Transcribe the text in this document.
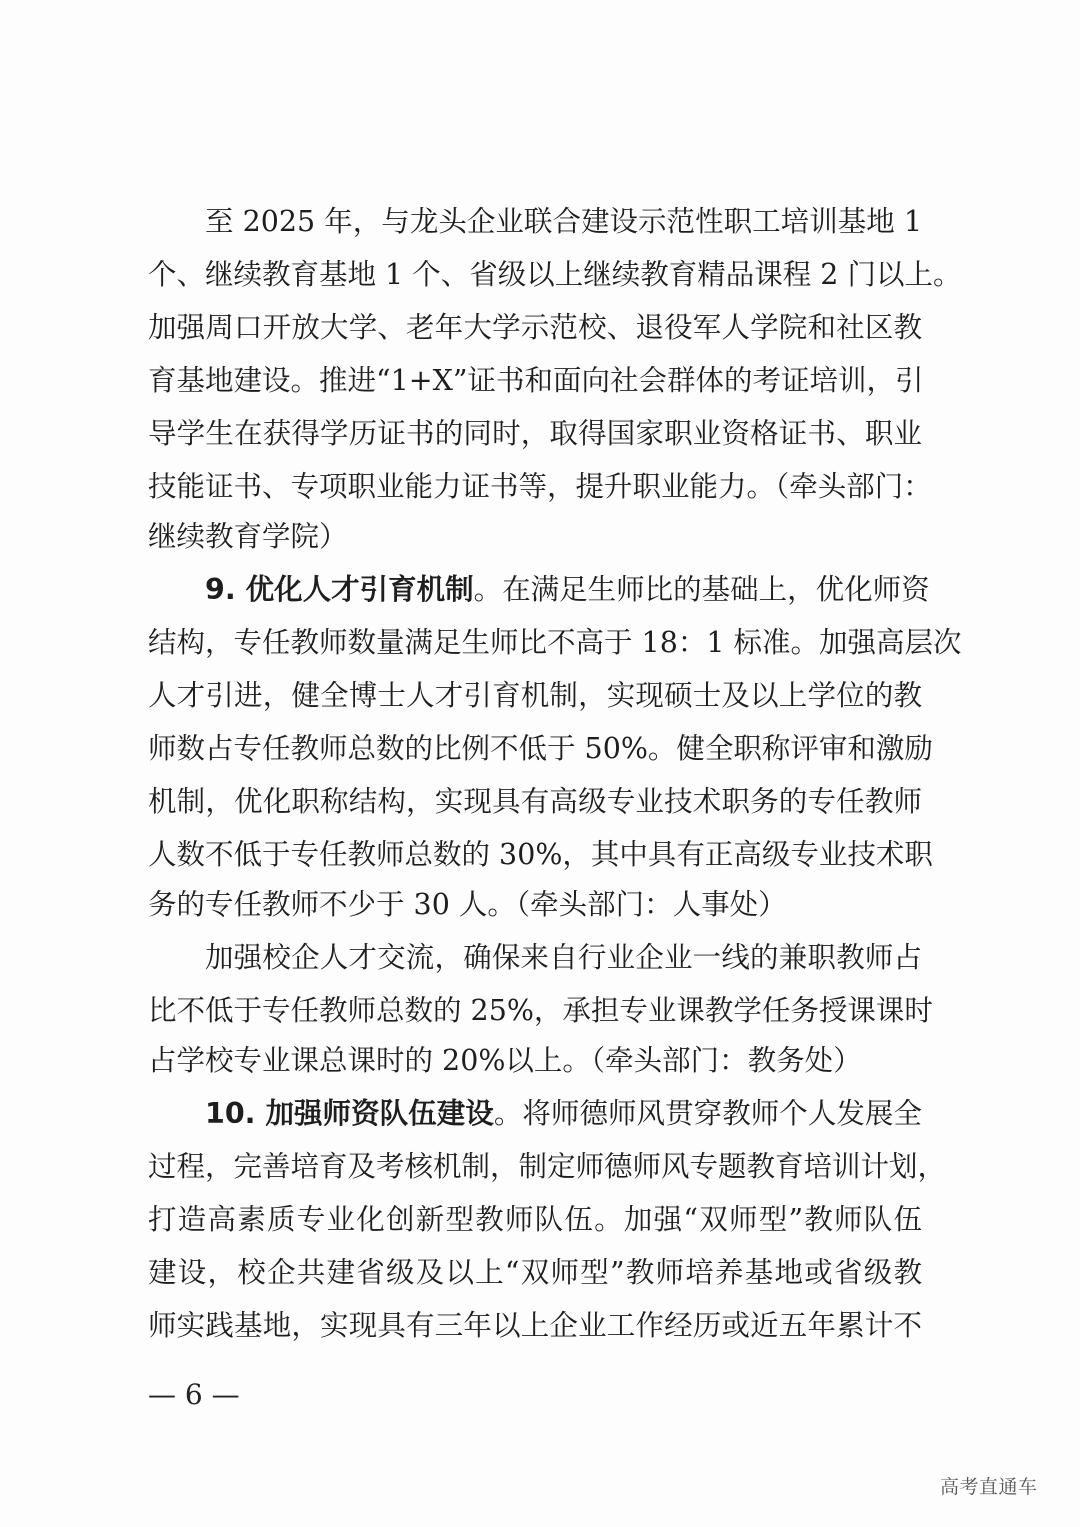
至 2025 年，与龙头企业联合建设示范性职工培训基地 1
个、继续教育基地 1 个、省级以上继续教育精品课程 2 门以上。
加强周口开放大学、老年大学示范校、退役军人学院和社区教
育基地建设。推进“1+X”证书和面向社会群体的考证培训，引
导学生在获得学历证书的同时，取得国家职业资格证书、职业
技能证书、专项职业能力证书等，提升职业能力。（牵头部门：
继续教育学院）
9. 优化人才引育机制。在满足生师比的基础上，优化师资
结构，专任教师数量满足生师比不高于 18：1 标准。加强高层次
人才引进，健全博士人才引育机制，实现硕士及以上学位的教
师数占专任教师总数的比例不低于 50%。健全职称评审和激励
机制，优化职称结构，实现具有高级专业技术职务的专任教师
人数不低于专任教师总数的 30%，其中具有正高级专业技术职
务的专任教师不少于 30 人。（牵头部门：人事处）
加强校企人才交流，确保来自行业企业一线的兼职教师占
比不低于专任教师总数的 25%，承担专业课教学任务授课课时
占学校专业课总课时的 20%以上。（牵头部门：教务处）
10. 加强师资队伍建设。将师德师风贯穿教师个人发展全
过程，完善培育及考核机制，制定师德师风专题教育培训计划，
打造高素质专业化创新型教师队伍。加强“双师型”教师队伍
建设，校企共建省级及以上“双师型”教师培养基地或省级教
师实践基地，实现具有三年以上企业工作经历或近五年累计不
— 6 —
高考直通车
